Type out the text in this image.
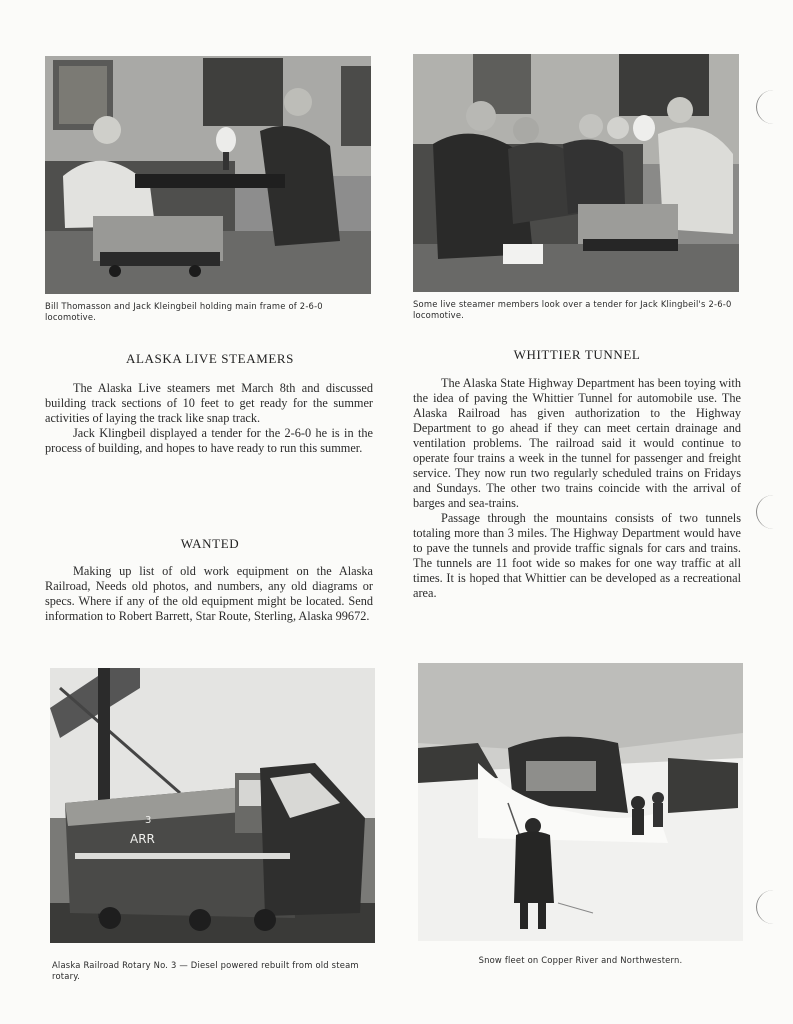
Bill Thomasson and Jack Kleingbeil holding main frame of 2-6-0 locomotive.
Some live steamer members look over a tender for Jack Klingbeil's 2-6-0 locomotive.
ALASKA LIVE STEAMERS

The Alaska Live steamers met March 8th and discussed building track sections of 10 feet to get ready for the summer activities of laying the track like snap track.

Jack Klingbeil displayed a tender for the 2-6-0 he is in the process of building, and hopes to have ready to run this summer.

WANTED

Making up list of old work equipment on the Alaska Railroad, Needs old photos, and numbers, any old diagrams or specs. Where if any of the old equipment might be located. Send information to Robert Barrett, Star Route, Sterling, Alaska 99672.

WHITTIER TUNNEL

The Alaska State Highway Department has been toying with the idea of paving the Whittier Tunnel for automobile use. The Alaska Railroad has given authorization to the Highway Department to go ahead if they can meet certain drainage and ventilation problems. The railroad said it would continue to operate four trains a week in the tunnel for passenger and freight service. They now run two regularly scheduled trains on Fridays and Sundays. The other two trains coincide with the arrival of barges and sea-trains.

Passage through the mountains consists of two tunnels totaling more than 3 miles. The Highway Department would have to pave the tunnels and provide traffic signals for cars and trains. The tunnels are 11 foot wide so makes for one way traffic at all times. It is hoped that Whittier can be developed as a recreational area.

ARR
3
Alaska Railroad Rotary No. 3 — Diesel powered rebuilt from old steam rotary.
Snow fleet on Copper River and Northwestern.
